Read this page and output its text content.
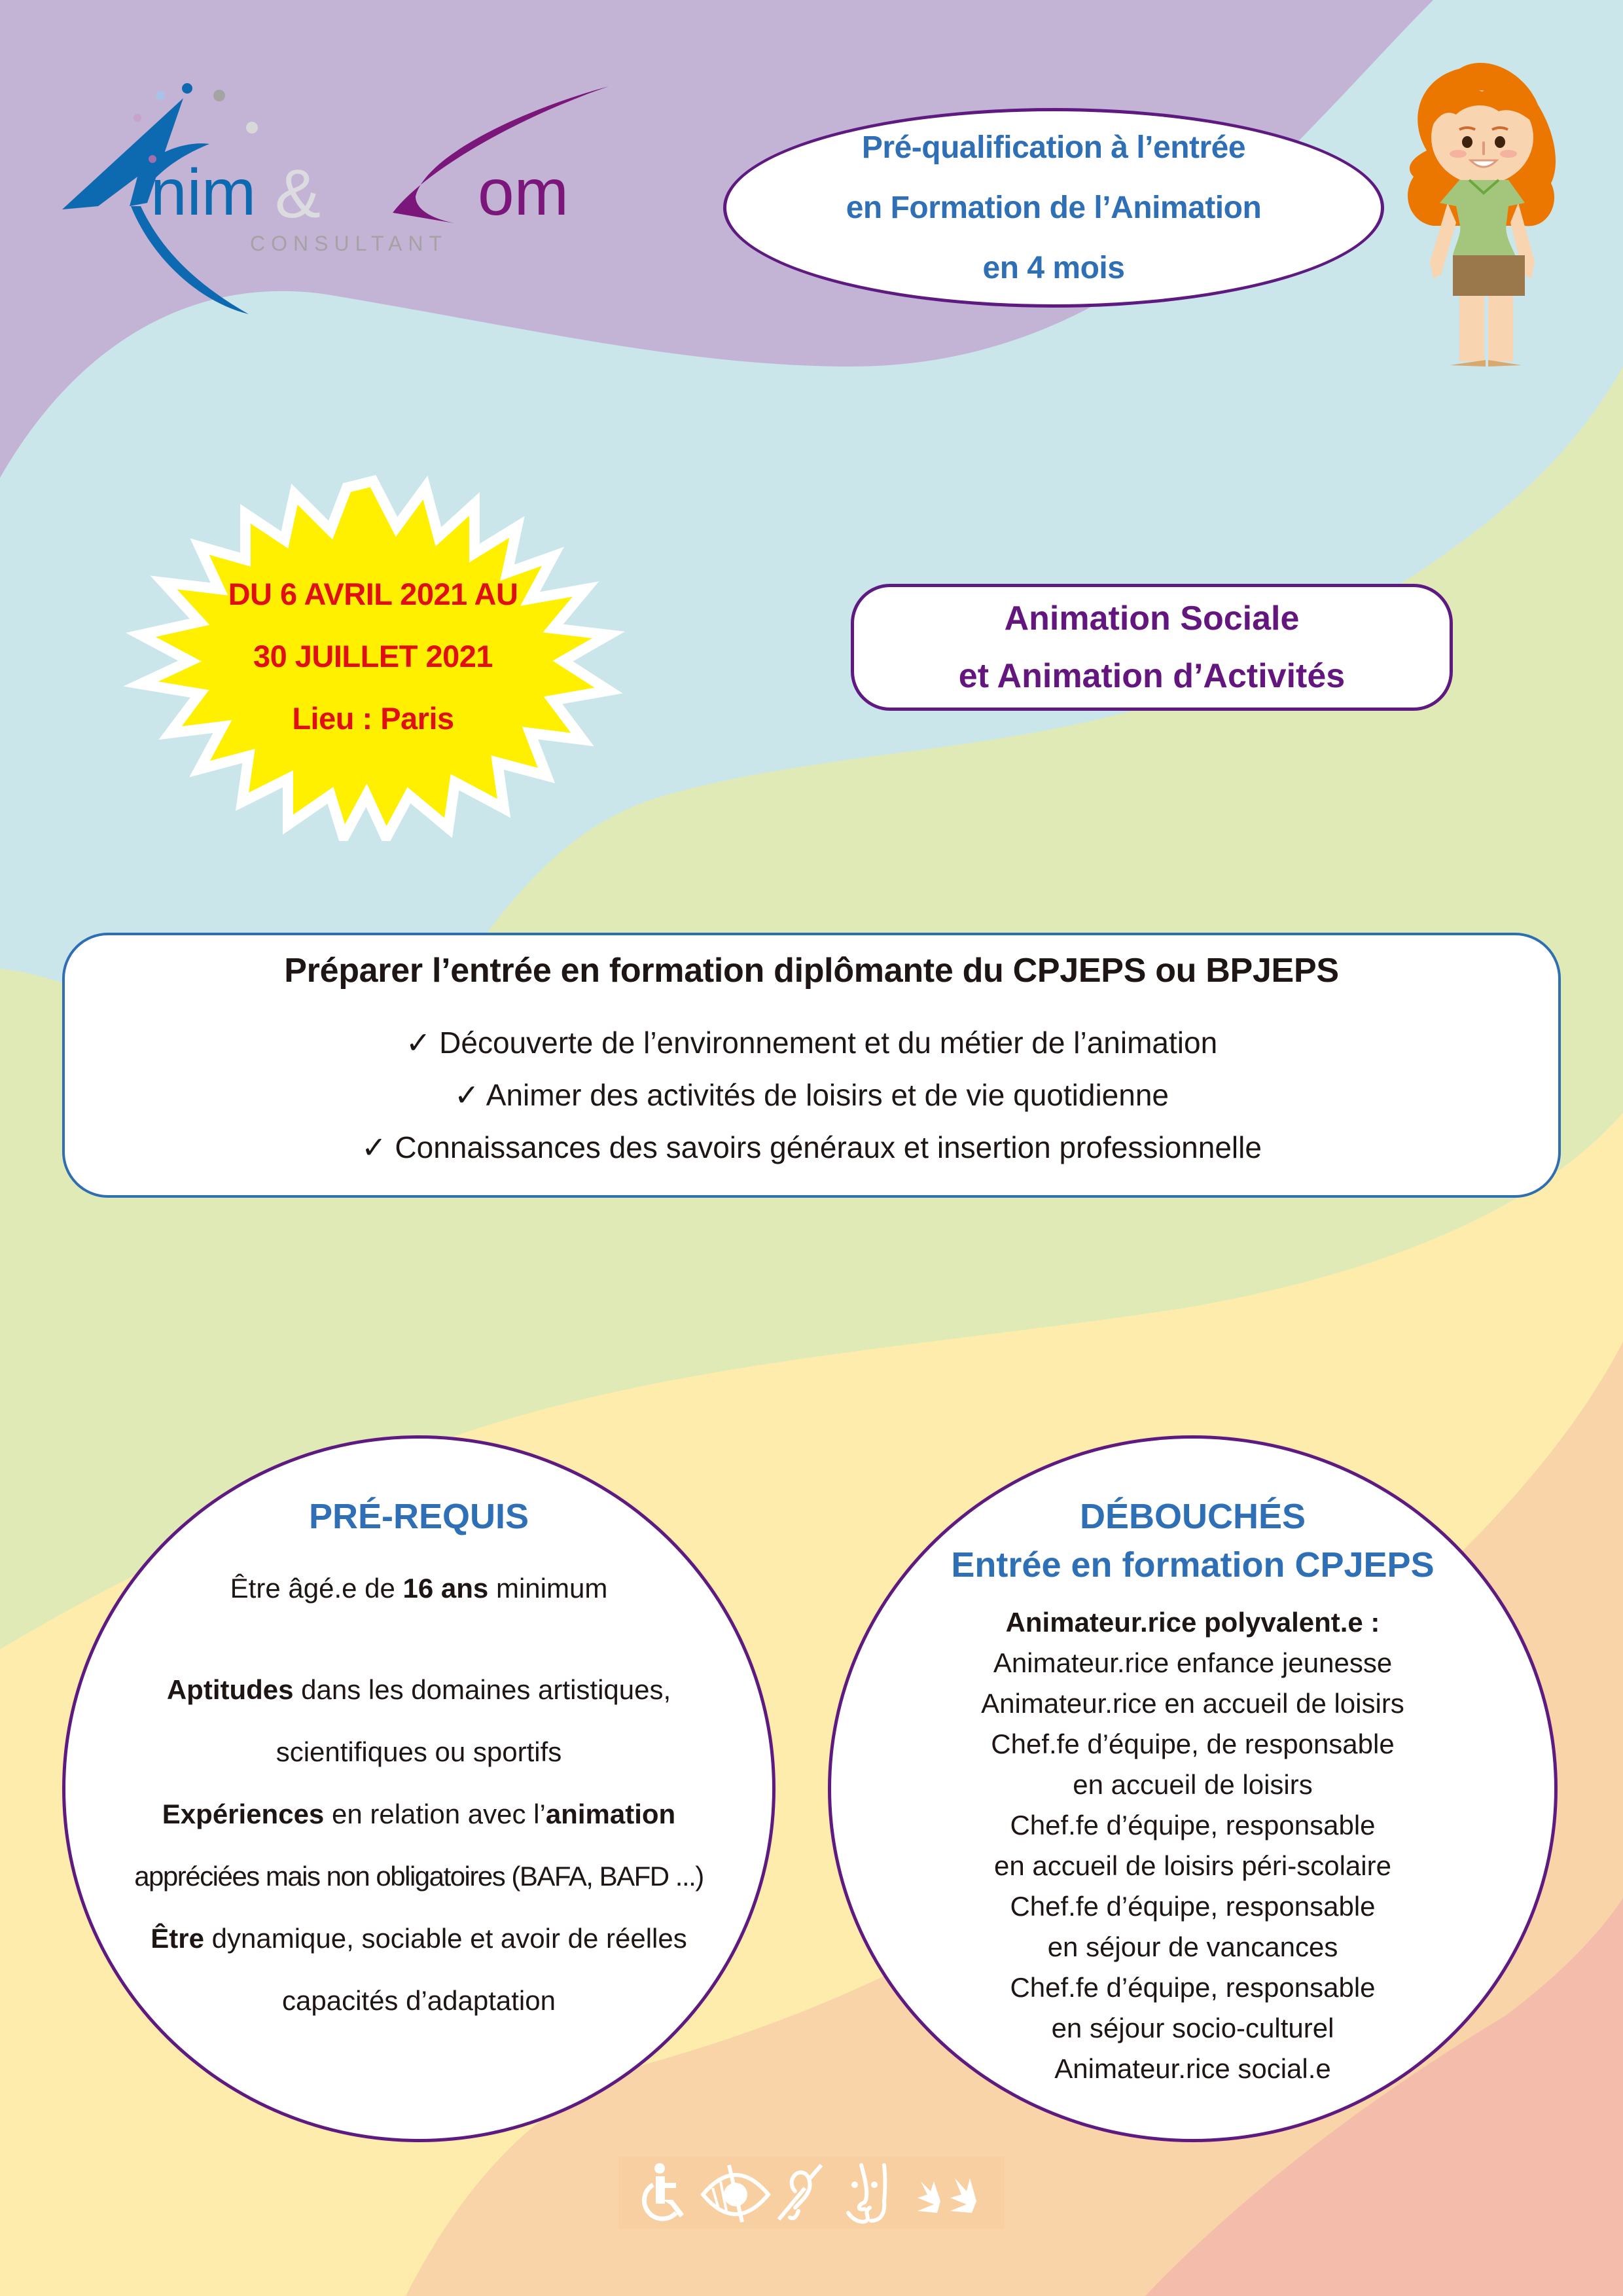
nim & om
CONSULTANT
Pré-qualification à l’entrée
en Formation de l’Animation
en 4 mois
DU 6 AVRIL 2021 AU
30 JUILLET 2021
Lieu : Paris
Animation Sociale
et Animation d’Activités
Préparer l’entrée en formation diplômante du CPJEPS ou BPJEPS
✓ Découverte de l’environnement et du métier de l’animation
✓ Animer des activités de loisirs et de vie quotidienne
✓ Connaissances des savoirs généraux et insertion professionnelle
PRÉ-REQUIS
Être âgé.e de 16 ans minimum
Aptitudes dans les domaines artistiques,
scientifiques ou sportifs
Expériences en relation avec l’animation
appréciées mais non obligatoires (BAFA, BAFD ...)
Être dynamique, sociable et avoir de réelles
capacités d’adaptation
DÉBOUCHÉS
Entrée en formation CPJEPS
Animateur.rice polyvalent.e :
Animateur.rice enfance jeunesse
Animateur.rice en accueil de loisirs
Chef.fe d’équipe, de responsable
en accueil de loisirs
Chef.fe d’équipe, responsable
en accueil de loisirs péri-scolaire
Chef.fe d’équipe, responsable
en séjour de vancances
Chef.fe d’équipe, responsable
en séjour socio-culturel
Animateur.rice social.e
